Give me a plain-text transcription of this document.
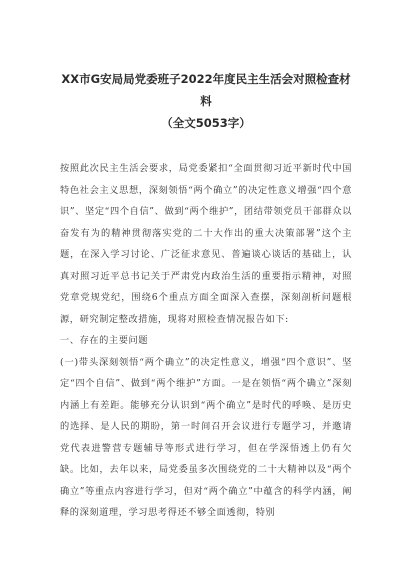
XX市G安局局党委班子2022年度民主生活会对照检查材料

（全文5053字）

按照此次民主生活会要求，局党委紧扣“全面贯彻习近平新时代中国特色社会主义思想，深刻领悟“两个确立”的决定性意义增强“四个意识”、坚定“四个自信”、做到“两个维护”，团结带领党员干部群众以奋发有为的精神贯彻落实党的二十大作出的重大决策部署”这个主题，在深入学习讨论、广泛征求意见、普遍谈心谈话的基础上，认真对照习近平总书记关于严肃党内政治生活的重要指示精神，对照党章党规党纪，围绕6个重点方面全面深入查摆，深刻剖析问题根源，研究制定整改措施，现将对照检查情况报告如下:

一、存在的主要问题

(一)带头深刻领悟“两个确立”的决定性意义，增强“四个意识”、坚定“四个自信”、做到“两个维护”方面。一是在领悟“两个确立”深刻内涵上有差距。能够充分认识到“两个确立”是时代的呼唤、是历史的选择、是人民的期盼，第一时间召开会议进行专题学习，并邀请党代表进警营专题辅导等形式进行学习，但在学深悟透上仍有欠缺。比如，去年以来，局党委虽多次围绕党的二十大精神以及“两个确立”等重点内容进行学习，但对“两个确立”中蕴含的科学内涵，阐释的深刻道理，学习思考得还不够全面透彻，特别
